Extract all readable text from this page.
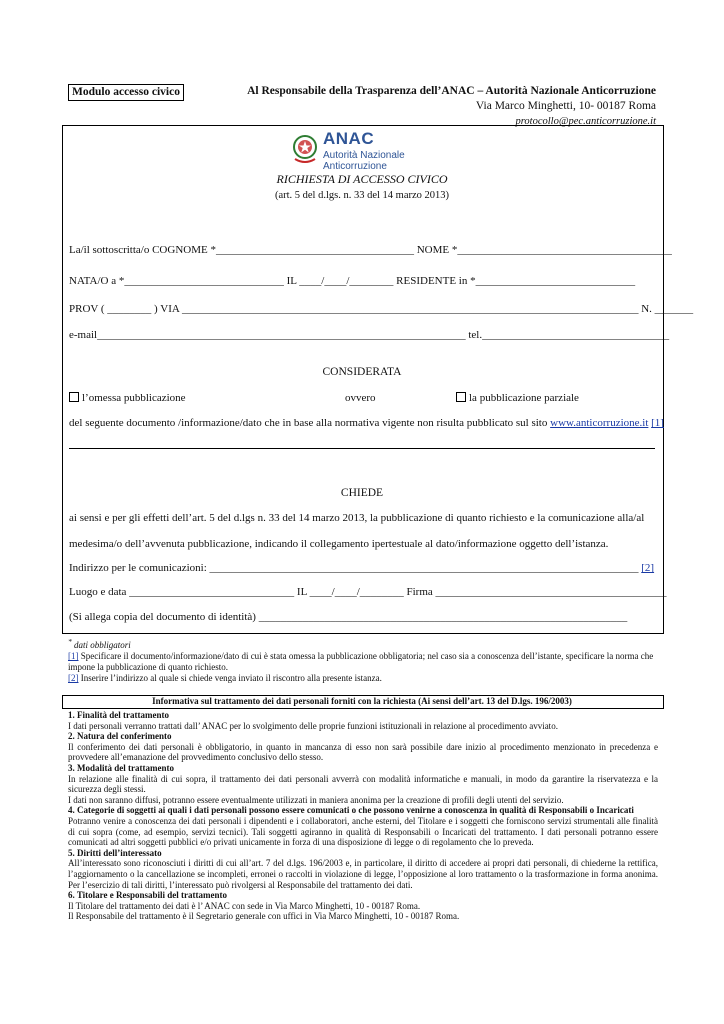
Modulo accesso civico	Al Responsabile della Trasparenza dell’ANAC – Autorità Nazionale Anticorruzione
Via Marco Minghetti, 10- 00187 Roma
protocollo@pec.anticorruzione.it
ANAC
Autorità Nazionale Anticorruzione
RICHIESTA DI ACCESSO CIVICO
(art. 5 del d.lgs. n. 33 del 14 marzo 2013)
La/il sottoscritta/o COGNOME *____________________________________ NOME *_______________________________________
NATA/O a *_____________________________ IL ____/____/________ RESIDENTE in *_____________________________
PROV ( ________ ) VIA ___________________________________________________________________________________ N. _______
e-mail___________________________________________________________________ tel.__________________________________
CONSIDERATA
l’omessa pubblicazione	ovvero	la pubblicazione parziale
del seguente documento /informazione/dato che in base alla normativa vigente non risulta pubblicato sul sito www.anticorruzione.it [1]
CHIEDE
ai sensi e per gli effetti dell’art. 5 del d.lgs n. 33 del 14 marzo 2013, la pubblicazione di quanto richiesto e la comunicazione alla/al
medesima/o dell’avvenuta pubblicazione, indicando il collegamento ipertestuale al dato/informazione oggetto dell’istanza.
Indirizzo per le comunicazioni: ______________________________________________________________________________ [2]
Luogo e data ______________________________ IL ____/____/________ Firma __________________________________________
(Si allega copia del documento di identità) ___________________________________________________________________
* dati obbligatori
[1] Specificare il documento/informazione/dato di cui è stata omessa la pubblicazione obbligatoria; nel caso sia a conoscenza dell’istante, specificare la norma che impone la pubblicazione di quanto richiesto.
[2] Inserire l’indirizzo al quale si chiede venga inviato il riscontro alla presente istanza.
Informativa sul trattamento dei dati personali forniti con la richiesta (Ai sensi dell’art. 13 del D.lgs. 196/2003)

1. Finalità del trattamento

I dati personali verranno trattati dall’ ANAC per lo svolgimento delle proprie funzioni istituzionali in relazione al procedimento avviato.

2. Natura del conferimento

Il conferimento dei dati personali è obbligatorio, in quanto in mancanza di esso non sarà possibile dare inizio al procedimento menzionato in precedenza e provvedere all’emanazione del provvedimento conclusivo dello stesso.

3. Modalità del trattamento

In relazione alle finalità di cui sopra, il trattamento dei dati personali avverrà con modalità informatiche e manuali, in modo da garantire la riservatezza e la sicurezza degli stessi.

I dati non saranno diffusi, potranno essere eventualmente utilizzati in maniera anonima per la creazione di profili degli utenti del servizio.

4. Categorie di soggetti ai quali i dati personali possono essere comunicati o che possono venirne a conoscenza in qualità di Responsabili o Incaricati

Potranno venire a conoscenza dei dati personali i dipendenti e i collaboratori, anche esterni, del Titolare e i soggetti che forniscono servizi strumentali alle finalità di cui sopra (come, ad esempio, servizi tecnici). Tali soggetti agiranno in qualità di Responsabili o Incaricati del trattamento. I dati personali potranno essere comunicati ad altri soggetti pubblici e/o privati unicamente in forza di una disposizione di legge o di regolamento che lo preveda.

5. Diritti dell’interessato

All’interessato sono riconosciuti i diritti di cui all’art. 7 del d.lgs. 196/2003 e, in particolare, il diritto di accedere ai propri dati personali, di chiederne la rettifica, l’aggiornamento o la cancellazione se incompleti, erronei o raccolti in violazione di legge, l’opposizione al loro trattamento o la trasformazione in forma anonima. Per l’esercizio di tali diritti, l’interessato può rivolgersi al Responsabile del trattamento dei dati.

6. Titolare e Responsabili del trattamento

Il Titolare del trattamento dei dati è l’ ANAC con sede in Via Marco Minghetti, 10 - 00187 Roma.

Il Responsabile del trattamento è il Segretario generale con uffici in Via Marco Minghetti, 10 - 00187 Roma.
